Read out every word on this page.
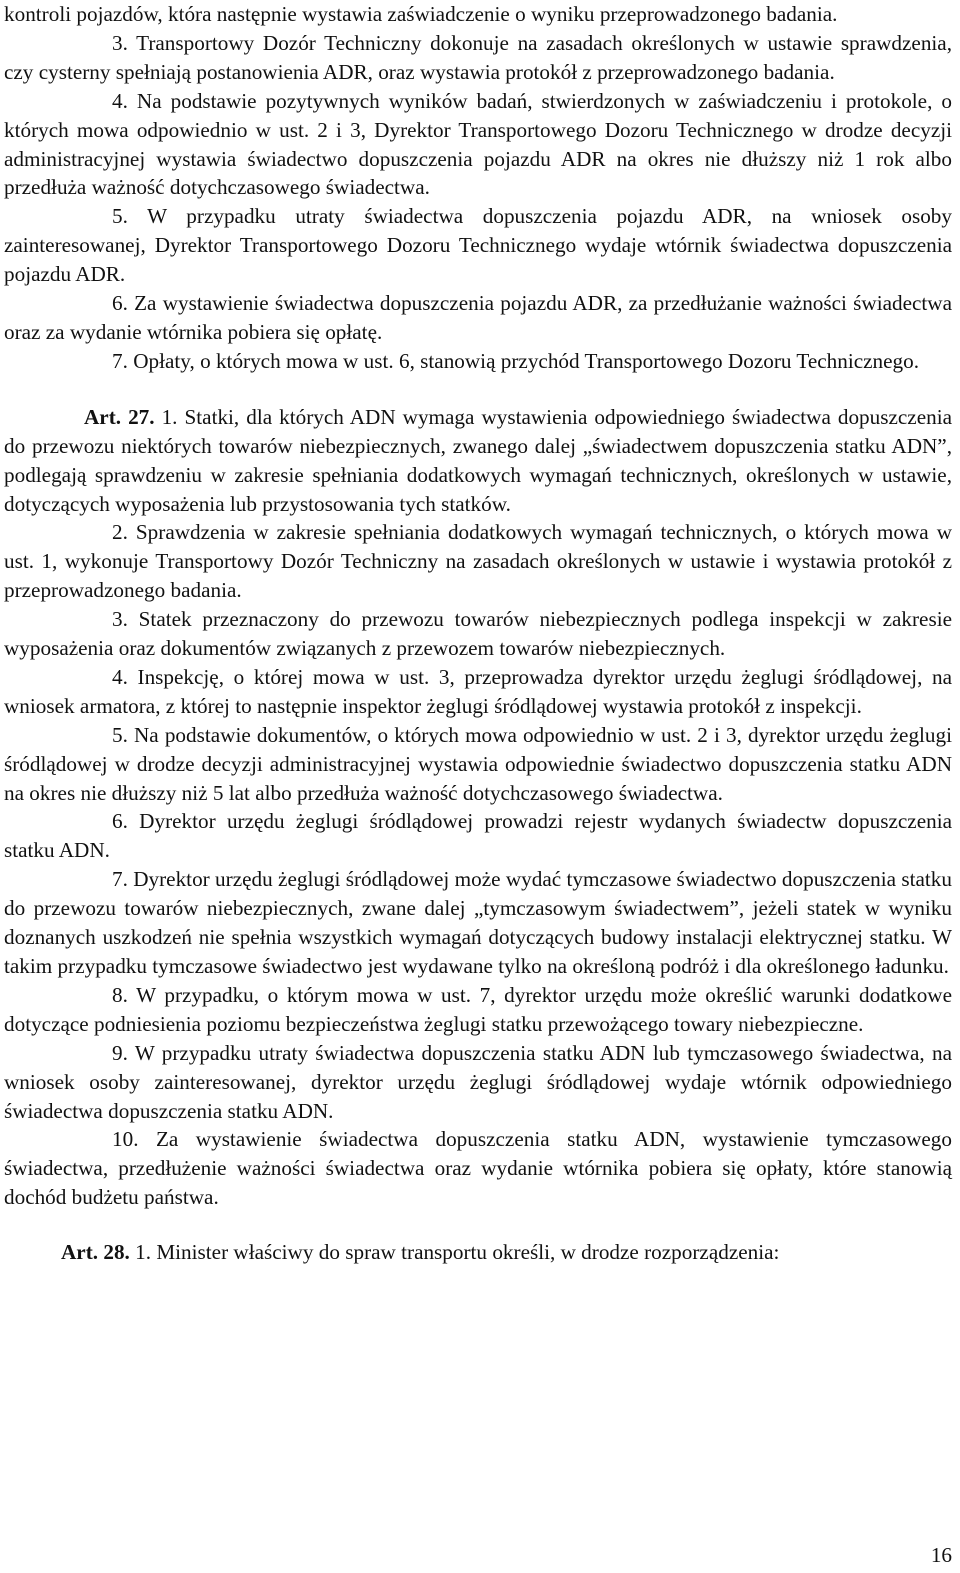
kontroli pojazdów, która następnie wystawia zaświadczenie o wyniku przeprowadzonego badania.

3. Transportowy Dozór Techniczny dokonuje na zasadach określonych w ustawie sprawdzenia, czy cysterny spełniają postanowienia ADR, oraz wystawia protokół z przeprowadzonego badania.

4. Na podstawie pozytywnych wyników badań, stwierdzonych w zaświadczeniu i protokole, o których mowa odpowiednio w ust. 2 i 3, Dyrektor Transportowego Dozoru Technicznego w drodze decyzji administracyjnej wystawia świadectwo dopuszczenia pojazdu ADR na okres nie dłuższy niż 1 rok albo przedłuża ważność dotychczasowego świadectwa.

5. W przypadku utraty świadectwa dopuszczenia pojazdu ADR, na wniosek osoby zainteresowanej, Dyrektor Transportowego Dozoru Technicznego wydaje wtórnik świadectwa dopuszczenia pojazdu ADR.

6. Za wystawienie świadectwa dopuszczenia pojazdu ADR, za przedłużanie ważności świadectwa oraz za wydanie wtórnika pobiera się opłatę.

7. Opłaty, o których mowa w ust. 6, stanowią przychód Transportowego Dozoru Technicznego.

Art. 27. 1. Statki, dla których ADN wymaga wystawienia odpowiedniego świadectwa dopuszczenia do przewozu niektórych towarów niebezpiecznych, zwanego dalej „świadectwem dopuszczenia statku ADN”, podlegają sprawdzeniu w zakresie spełniania dodatkowych wymagań technicznych, określonych w ustawie, dotyczących wyposażenia lub przystosowania tych statków.

2. Sprawdzenia w zakresie spełniania dodatkowych wymagań technicznych, o których mowa w ust. 1, wykonuje Transportowy Dozór Techniczny na zasadach określonych w ustawie i wystawia protokół z przeprowadzonego badania.

3. Statek przeznaczony do przewozu towarów niebezpiecznych podlega inspekcji w zakresie wyposażenia oraz dokumentów związanych z przewozem towarów niebezpiecznych.

4. Inspekcję, o której mowa w ust. 3, przeprowadza dyrektor urzędu żeglugi śródlądowej, na wniosek armatora, z której to następnie inspektor żeglugi śródlądowej wystawia protokół z inspekcji.

5. Na podstawie dokumentów, o których mowa odpowiednio w ust. 2 i 3, dyrektor urzędu żeglugi śródlądowej w drodze decyzji administracyjnej wystawia odpowiednie świadectwo dopuszczenia statku ADN na okres nie dłuższy niż 5 lat albo przedłuża ważność dotychczasowego świadectwa.

6. Dyrektor urzędu żeglugi śródlądowej prowadzi rejestr wydanych świadectw dopuszczenia statku ADN.

7. Dyrektor urzędu żeglugi śródlądowej może wydać tymczasowe świadectwo dopuszczenia statku do przewozu towarów niebezpiecznych, zwane dalej „tymczasowym świadectwem”, jeżeli statek w wyniku doznanych uszkodzeń nie spełnia wszystkich wymagań dotyczących budowy instalacji elektrycznej statku. W takim przypadku tymczasowe świadectwo jest wydawane tylko na określoną podróż i dla określonego ładunku.

8. W przypadku, o którym mowa w ust. 7, dyrektor urzędu może określić warunki dodatkowe dotyczące podniesienia poziomu bezpieczeństwa żeglugi statku przewożącego towary niebezpieczne.

9. W przypadku utraty świadectwa dopuszczenia statku ADN lub tymczasowego świadectwa, na wniosek osoby zainteresowanej, dyrektor urzędu żeglugi śródlądowej wydaje wtórnik odpowiedniego świadectwa dopuszczenia statku ADN.

10. Za wystawienie świadectwa dopuszczenia statku ADN, wystawienie tymczasowego świadectwa, przedłużenie ważności świadectwa oraz wydanie wtórnika pobiera się opłaty, które stanowią dochód budżetu państwa.

Art. 28. 1. Minister właściwy do spraw transportu określi, w drodze rozporządzenia:

16
